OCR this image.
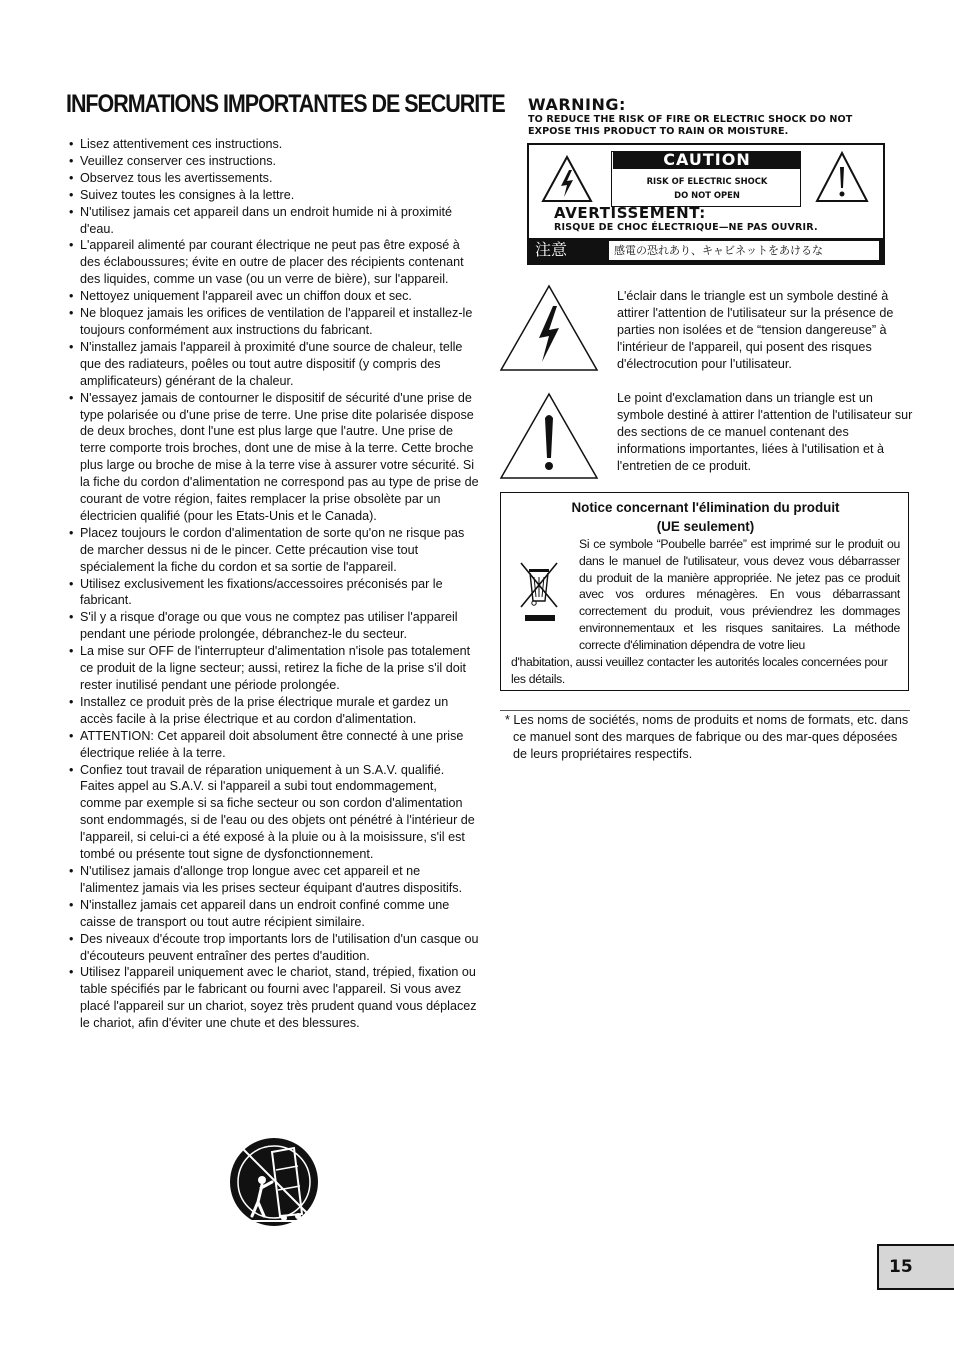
INFORMATIONS IMPORTANTES DE SECURITE
• Lisez attentivement ces instructions.
• Veuillez conserver ces instructions.
• Observez tous les avertissements.
• Suivez toutes les consignes à la lettre.
• N'utilisez jamais cet appareil dans un endroit humide ni à proximité d'eau.
• L'appareil alimenté par courant électrique ne peut pas être exposé à des éclaboussures; évite en outre de placer des récipients contenant des liquides, comme un vase (ou un verre de bière), sur l'appareil.
• Nettoyez uniquement l'appareil avec un chiffon doux et sec.
• Ne bloquez jamais les orifices de ventilation de l'appareil et installez-le toujours conformément aux instructions du fabricant.
• N'installez jamais l'appareil à proximité d'une source de chaleur, telle que des radiateurs, poêles ou tout autre dispositif (y compris des amplificateurs) générant de la chaleur.
• N'essayez jamais de contourner le dispositif de sécurité d'une prise de type polarisée ou d'une prise de terre. Une prise dite polarisée dispose de deux broches, dont l'une est plus large que l'autre. Une prise de terre comporte trois broches, dont une de mise à la terre. Cette broche plus large ou broche de mise à la terre vise à assurer votre sécurité. Si la fiche du cordon d'alimentation ne correspond pas au type de prise de courant de votre région, faites remplacer la prise obsolète par un électricien qualifié (pour les Etats-Unis et le Canada).
• Placez toujours le cordon d'alimentation de sorte qu'on ne risque pas de marcher dessus ni de le pincer. Cette précaution vise tout spécialement la fiche du cordon et sa sortie de l'appareil.
• Utilisez exclusivement les fixations/accessoires préconisés par le fabricant.
• S'il y a risque d'orage ou que vous ne comptez pas utiliser l'appareil pendant une période prolongée, débranchez-le du secteur.
• La mise sur OFF de l'interrupteur d'alimentation n'isole pas totalement ce produit de la ligne secteur; aussi, retirez la fiche de la prise s'il doit rester inutilisé pendant une période prolongée.
• Installez ce produit près de la prise électrique murale et gardez un accès facile à la prise électrique et au cordon d'alimentation.
• ATTENTION: Cet appareil doit absolument être connecté à une prise électrique reliée à la terre.
• Confiez tout travail de réparation uniquement à un S.A.V. qualifié. Faites appel au S.A.V. si l'appareil a subi tout endommagement, comme par exemple si sa fiche secteur ou son cordon d'alimentation sont endommagés, si de l'eau ou des objets ont pénétré à l'intérieur de l'appareil, si celui-ci a été exposé à la pluie ou à la moisissure, s'il est tombé ou présente tout signe de dysfonctionnement.
• N'utilisez jamais d'allonge trop longue avec cet appareil et ne l'alimentez jamais via les prises secteur équipant d'autres dispositifs.
• N'installez jamais cet appareil dans un endroit confiné comme une caisse de transport ou tout autre récipient similaire.
• Des niveaux d'écoute trop importants lors de l'utilisation d'un casque ou d'écouteurs peuvent entraîner des pertes d'audition.
• Utilisez l'appareil uniquement avec le chariot, stand, trépied, fixation ou table spécifiés par le fabricant ou fourni avec l'appareil. Si vous avez placé l'appareil sur un chariot, soyez très prudent quand vous déplacez le chariot, afin d'éviter une chute et des blessures.
WARNING:
TO REDUCE THE RISK OF FIRE OR ELECTRIC SHOCK DO NOT
EXPOSE THIS PRODUCT TO RAIN OR MOISTURE.
CAUTION
RISK OF ELECTRIC SHOCK
DO NOT OPEN
AVERTISSEMENT:
RISQUE DE CHOC ÉLECTRIQUE—NE PAS OUVRIR.
注意	感電の恐れあり、キャビネットをあけるな

L'éclair dans le triangle est un symbole destiné à attirer l'attention de l'utilisateur sur la présence de parties non isolées et de “tension dangereuse” à l'intérieur de l'appareil, qui posent des risques d'électrocution pour l'utilisateur.

Le point d'exclamation dans un triangle est un symbole destiné à attirer l'attention de l'utilisateur sur des sections de ce manuel contenant des informations importantes, liées à l'utilisation et à l'entretien de ce produit.

Notice concernant l'élimination du produit
(UE seulement)

Si ce symbole “Poubelle barrée” est imprimé sur le produit ou dans le manuel de l'utilisateur, vous devez vous débarrasser du produit de la manière appropriée. Ne jetez pas ce produit avec vos ordures ménagères. En vous débarrassant correctement du produit, vous préviendrez les dommages environnementaux et les risques sanitaires. La méthode correcte d'élimination dépendra de votre lieu

d'habitation, aussi veuillez contacter les autorités locales concernées pour les détails.

* Les noms de sociétés, noms de produits et noms de formats, etc. dans ce manuel sont des marques de fabrique ou des mar-ques déposées de leurs propriétaires respectifs.

15
